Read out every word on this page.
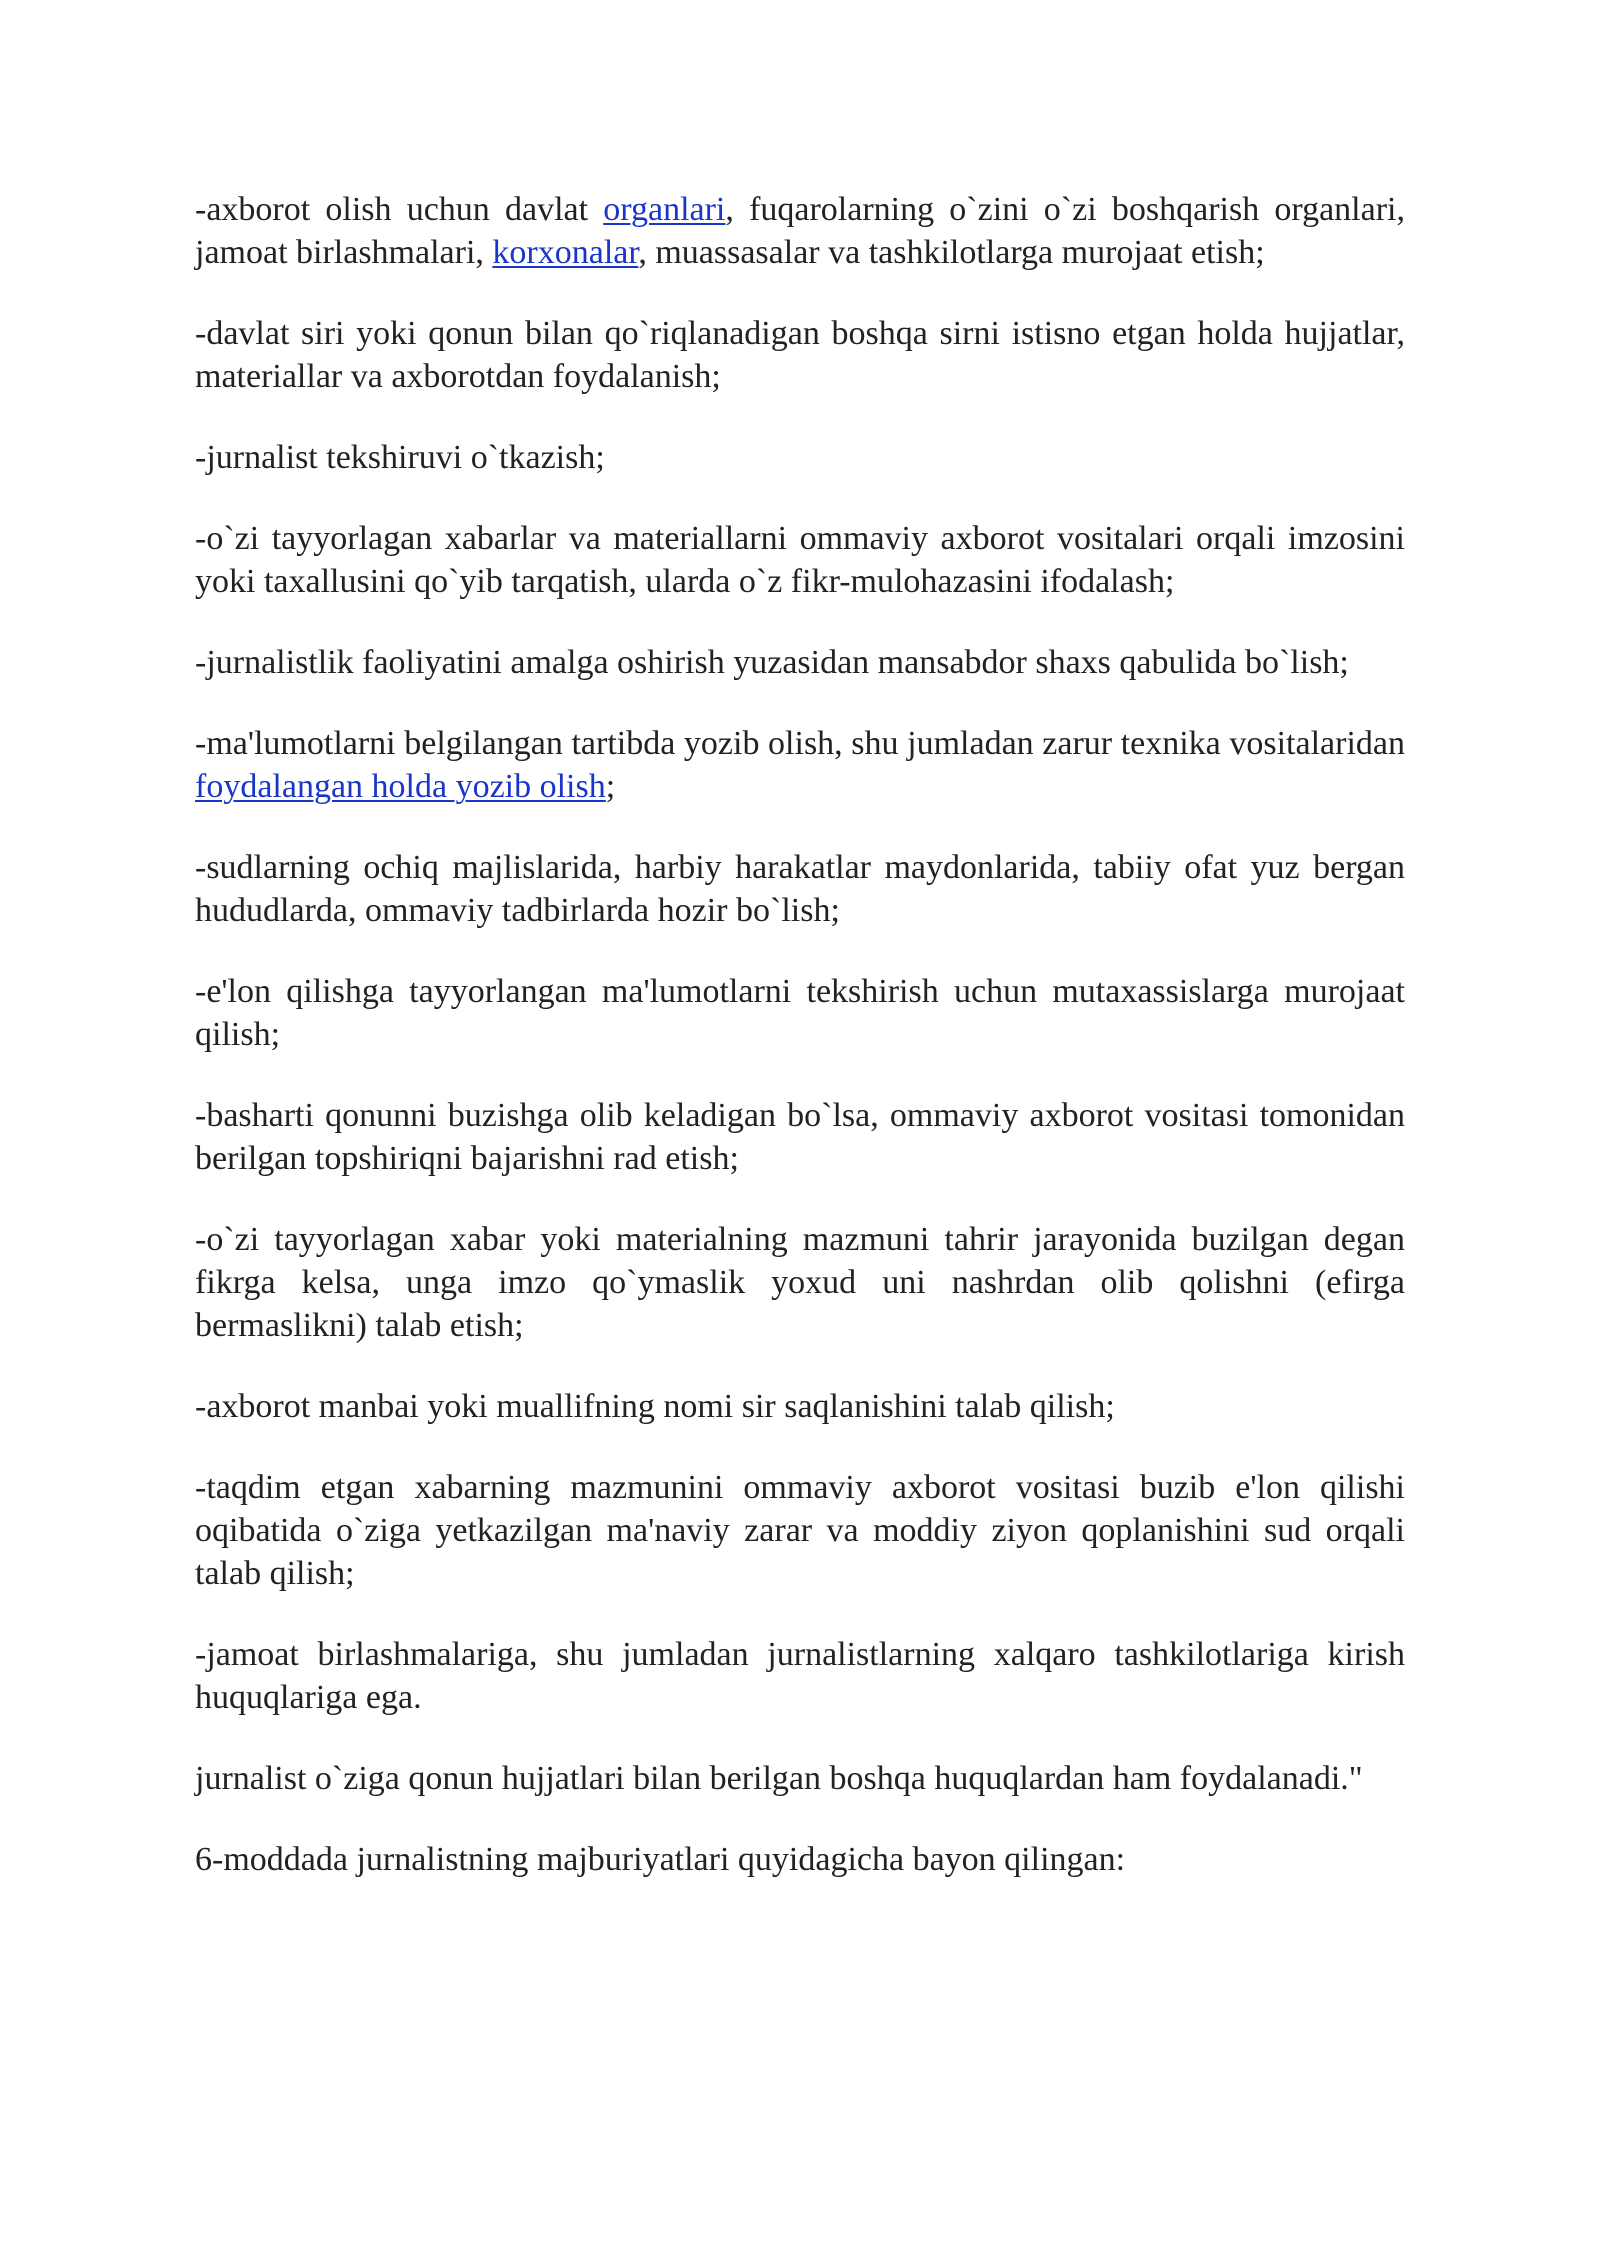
-axborot olish uchun davlat organlari, fuqarolarning o`zini o`zi boshqarish organlari, jamoat birlashmalari, korxonalar, muassasalar va tashkilotlarga murojaat etish;

-davlat siri yoki qonun bilan qo`riqlanadigan boshqa sirni istisno etgan holda hujjatlar, materiallar va axborotdan foydalanish;

-jurnalist tekshiruvi o`tkazish;

-o`zi tayyorlagan xabarlar va materiallarni ommaviy axborot vositalari orqali imzosini yoki taxallusini qo`yib tarqatish, ularda o`z fikr-mulohazasini ifodalash;

-jurnalistlik faoliyatini amalga oshirish yuzasidan mansabdor shaxs qabulida bo`lish;

-ma'lumotlarni belgilangan tartibda yozib olish, shu jumladan zarur texnika vositalaridan foydalangan holda yozib olish;

-sudlarning ochiq majlislarida, harbiy harakatlar maydonlarida, tabiiy ofat yuz bergan hududlarda, ommaviy tadbirlarda hozir bo`lish;

-e'lon qilishga tayyorlangan ma'lumotlarni tekshirish uchun mutaxassislarga murojaat qilish;

-basharti qonunni buzishga olib keladigan bo`lsa, ommaviy axborot vositasi tomonidan berilgan topshiriqni bajarishni rad etish;

-o`zi tayyorlagan xabar yoki materialning mazmuni tahrir jarayonida buzilgan degan fikrga kelsa, unga imzo qo`ymaslik yoxud uni nashrdan olib qolishni (efirga bermaslikni) talab etish;

-axborot manbai yoki muallifning nomi sir saqlanishini talab qilish;

-taqdim etgan xabarning mazmunini ommaviy axborot vositasi buzib e'lon qilishi oqibatida o`ziga yetkazilgan ma'naviy zarar va moddiy ziyon qoplanishini sud orqali talab qilish;

-jamoat birlashmalariga, shu jumladan jurnalistlarning xalqaro tashkilotlariga kirish huquqlariga ega.

jurnalist o`ziga qonun hujjatlari bilan berilgan boshqa huquqlardan ham foydalanadi."

6-moddada jurnalistning majburiyatlari quyidagicha bayon qilingan:
